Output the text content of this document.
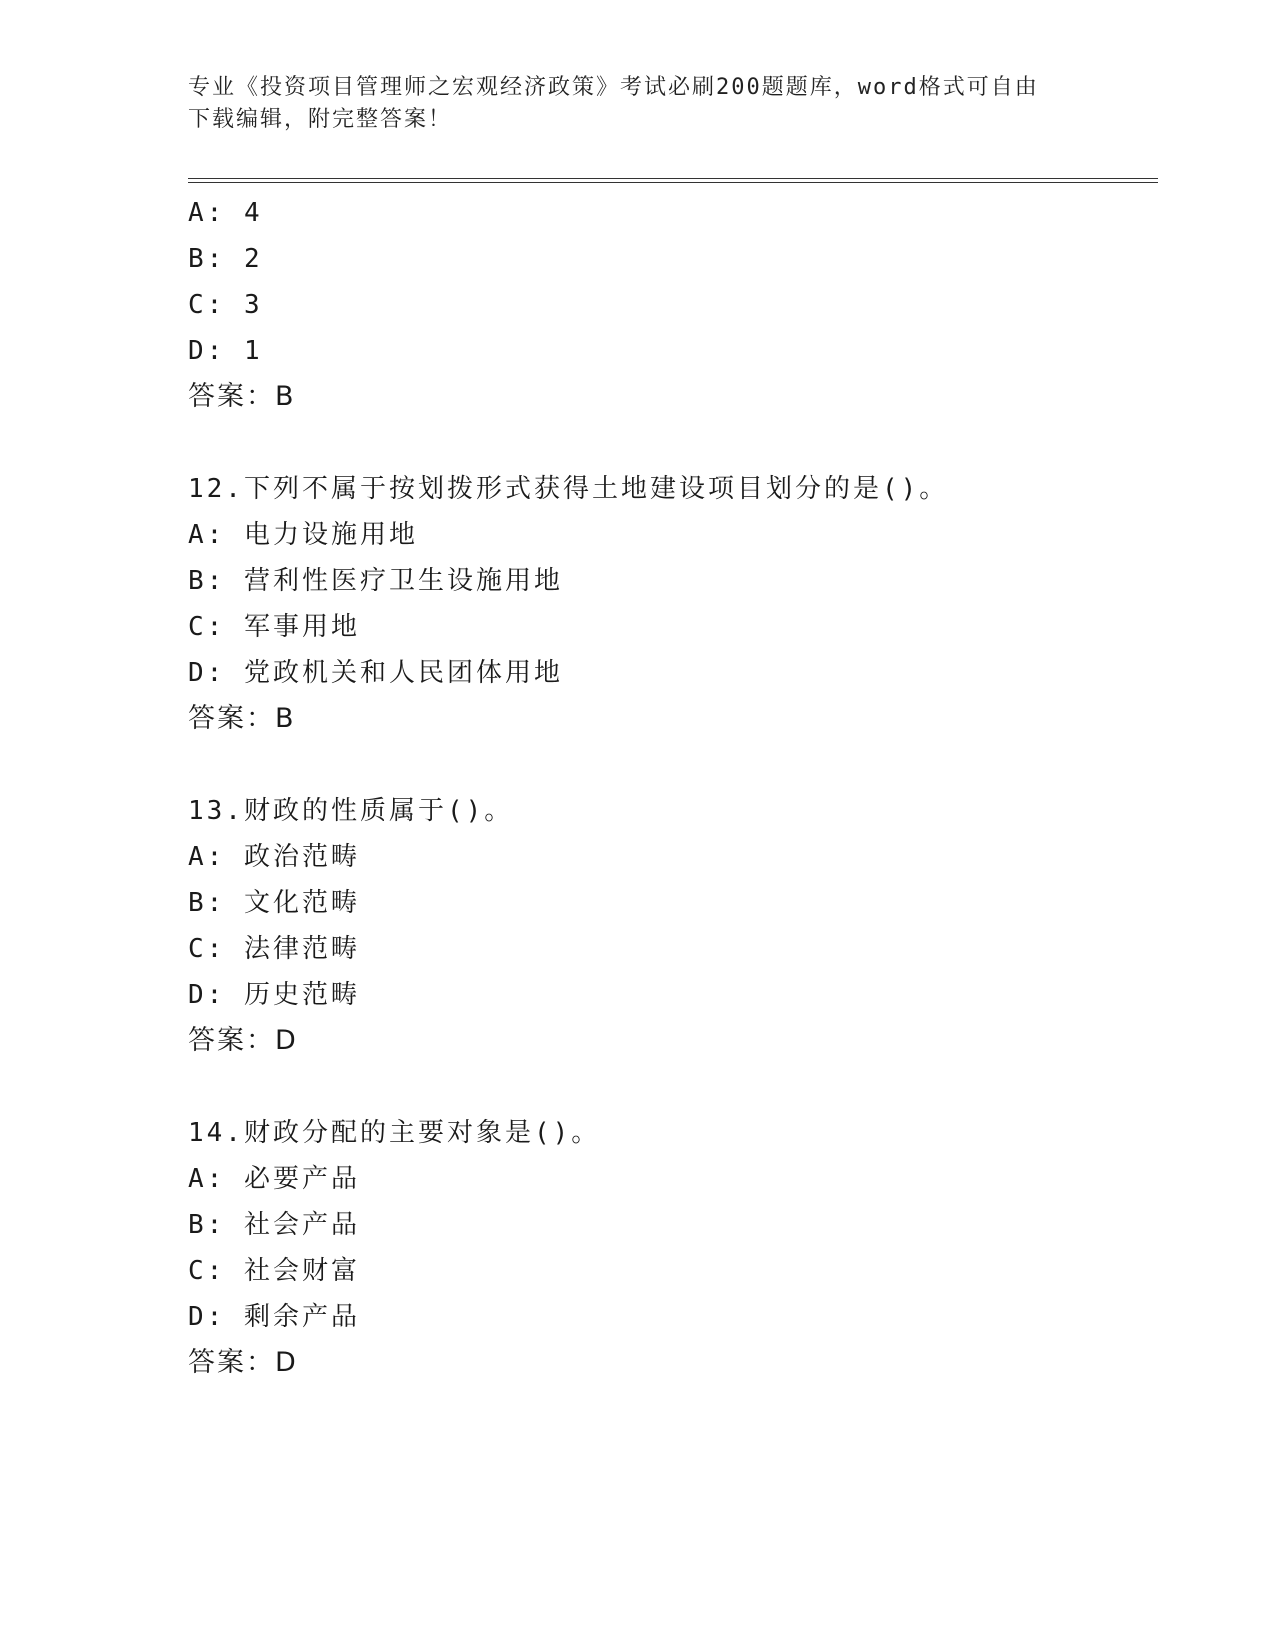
专业《投资项目管理师之宏观经济政策》考试必刷200题题库，word格式可自由
下载编辑，附完整答案！
A: 4
B: 2
C: 3
D: 1
答案：B
12.下列不属于按划拨形式获得土地建设项目划分的是()。
A: 电力设施用地
B: 营利性医疗卫生设施用地
C: 军事用地
D: 党政机关和人民团体用地
答案：B
13.财政的性质属于()。
A: 政治范畴
B: 文化范畴
C: 法律范畴
D: 历史范畴
答案：D
14.财政分配的主要对象是()。
A: 必要产品
B: 社会产品
C: 社会财富
D: 剩余产品
答案：D
